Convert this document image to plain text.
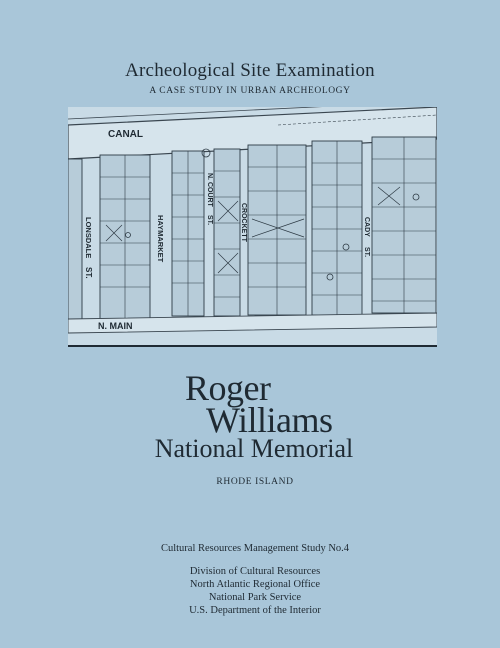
Archeological Site Examination
A CASE STUDY IN URBAN ARCHEOLOGY
CANAL
ST.
LONSDALE	HAYMARKET
N. COURT
ST.	CROCKETT	CADY
ST.
N. MAIN
Roger
Williams
National Memorial
RHODE ISLAND
Cultural Resources Management Study No.4
Division of Cultural Resources
North Atlantic Regional Office
National Park Service
U.S. Department of the Interior
